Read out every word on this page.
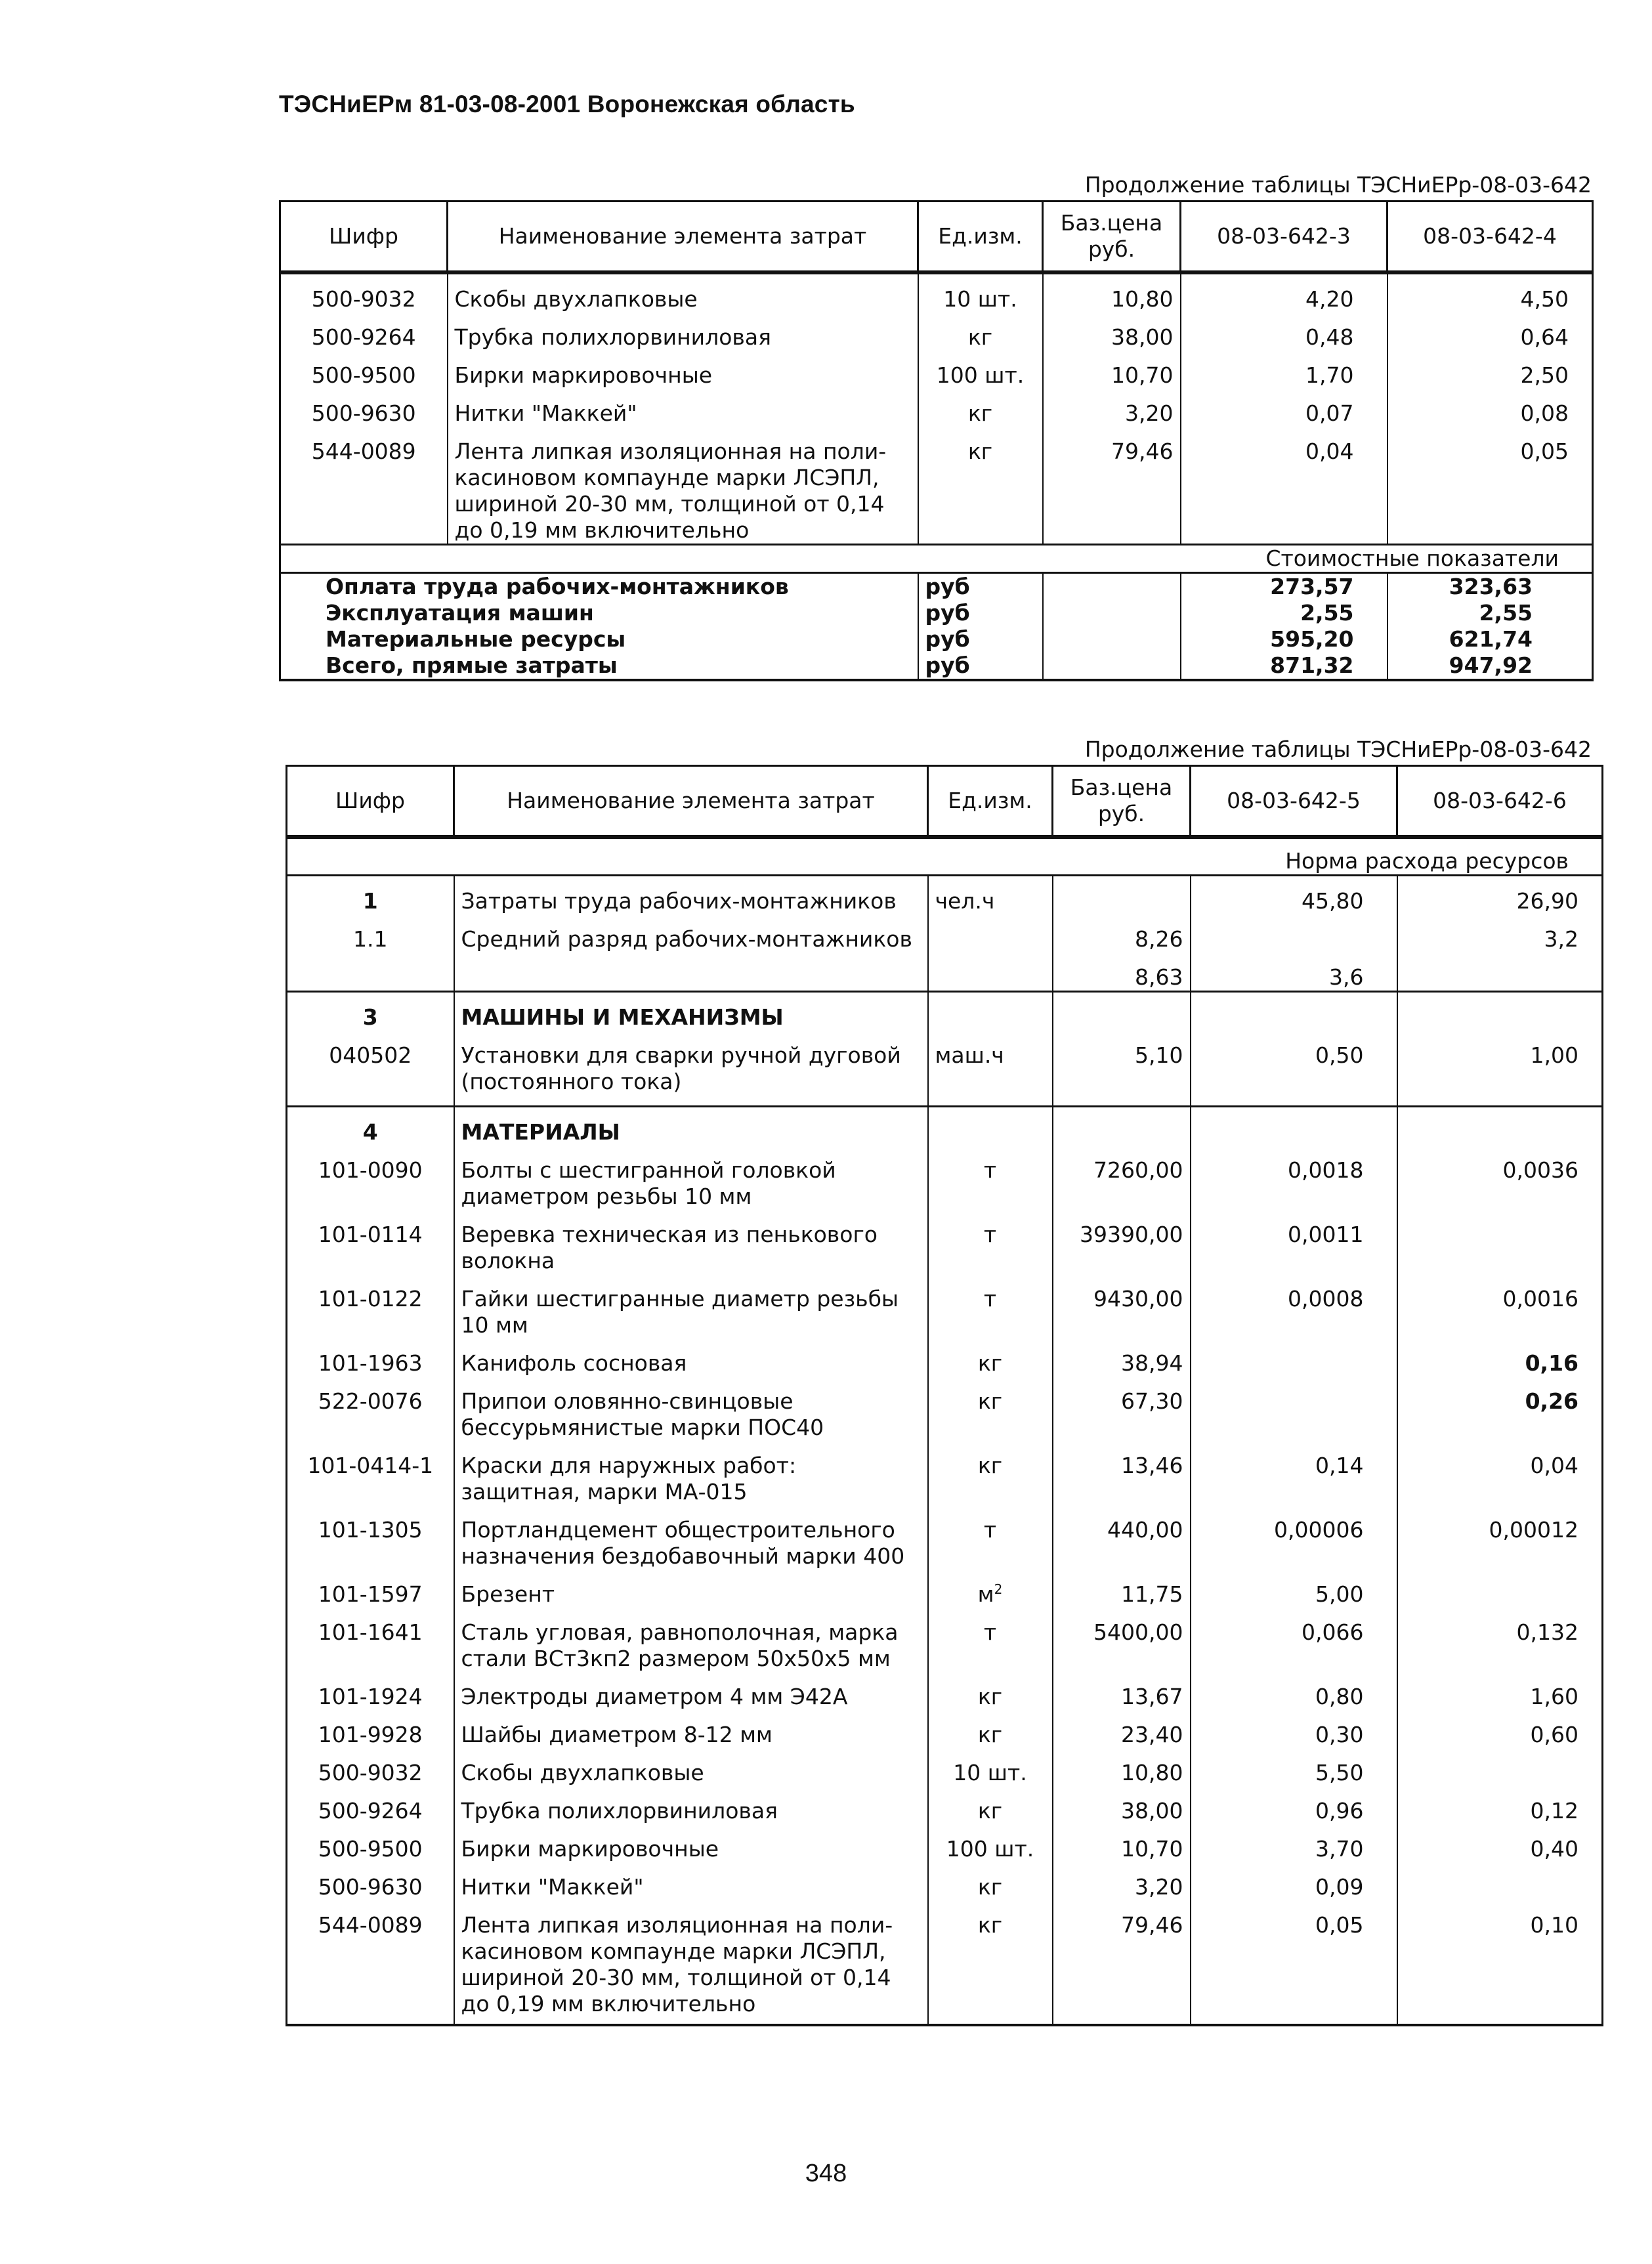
ТЭСНиЕРм 81-03-08-2001 Воронежская область
Продолжение таблицы ТЭСНиЕРр-08-03-642
Шифр	Наименование элемента затрат	Ед.изм.	Баз.цена руб.	08-03-642-3	08-03-642-4
500-9032	Скобы двухлапковые	10 шт.	10,80	4,20	4,50
500-9264	Трубка полихлорвиниловая	кг	38,00	0,48	0,64
500-9500	Бирки маркировочные	100 шт.	10,70	1,70	2,50
500-9630	Нитки "Маккей"	кг	3,20	0,07	0,08
544-0089	Лента липкая изоляционная на поли-касиновом компаунде марки ЛСЭПЛ, шириной 20-30 мм, толщиной от 0,14 до 0,19 мм включительно	кг	79,46	0,04	0,05
Стоимостные показатели					
Оплата труда рабочих-монтажников		руб		273,57	323,63
Эксплуатация машин		руб		2,55	2,55
Материальные ресурсы		руб		595,20	621,74
Всего, прямые затраты		руб		871,32	947,92
Продолжение таблицы ТЭСНиЕРр-08-03-642
Шифр	Наименование элемента затрат	Ед.изм.	Баз.цена руб.	08-03-642-5	08-03-642-6
Норма расхода ресурсов					
1	Затраты труда рабочих-монтажников	чел.ч		45,80	26,90
1.1	Средний разряд рабочих-монтажников		8,26		3,2
			8,63	3,6	
3	МАШИНЫ И МЕХАНИЗМЫ				
040502	Установки для сварки ручной дуговой (постоянного тока)	маш.ч	5,10	0,50	1,00
4	МАТЕРИАЛЫ				
101-0090	Болты с шестигранной головкой диаметром резьбы 10 мм	т	7260,00	0,0018	0,0036
101-0114	Веревка техническая из пенькового волокна	т	39390,00	0,0011	
101-0122	Гайки шестигранные диаметр резьбы 10 мм	т	9430,00	0,0008	0,0016
101-1963	Канифоль сосновая	кг	38,94		0,16
522-0076	Припои оловянно-свинцовые бессурьмянистые марки ПОС40	кг	67,30		0,26
101-0414-1	Краски для наружных работ: защитная, марки МА-015	кг	13,46	0,14	0,04
101-1305	Портландцемент общестроительного назначения бездобавочный марки 400	т	440,00	0,00006	0,00012
101-1597	Брезент	$м^2$	11,75	5,00	
101-1641	Сталь угловая, равнополочная, марка стали ВСт3кп2 размером 50x50x5 мм	т	5400,00	0,066	0,132
101-1924	Электроды диаметром 4 мм Э42А	кг	13,67	0,80	1,60
101-9928	Шайбы диаметром 8-12 мм	кг	23,40	0,30	0,60
500-9032	Скобы двухлапковые	10 шт.	10,80	5,50	
500-9264	Трубка полихлорвиниловая	кг	38,00	0,96	0,12
500-9500	Бирки маркировочные	100 шт.	10,70	3,70	0,40
500-9630	Нитки "Маккей"	кг	3,20	0,09	
544-0089	Лента липкая изоляционная на поли-касиновом компаунде марки ЛСЭПЛ, шириной 20-30 мм, толщиной от 0,14 до 0,19 мм включительно	кг	79,46	0,05	0,10
348
